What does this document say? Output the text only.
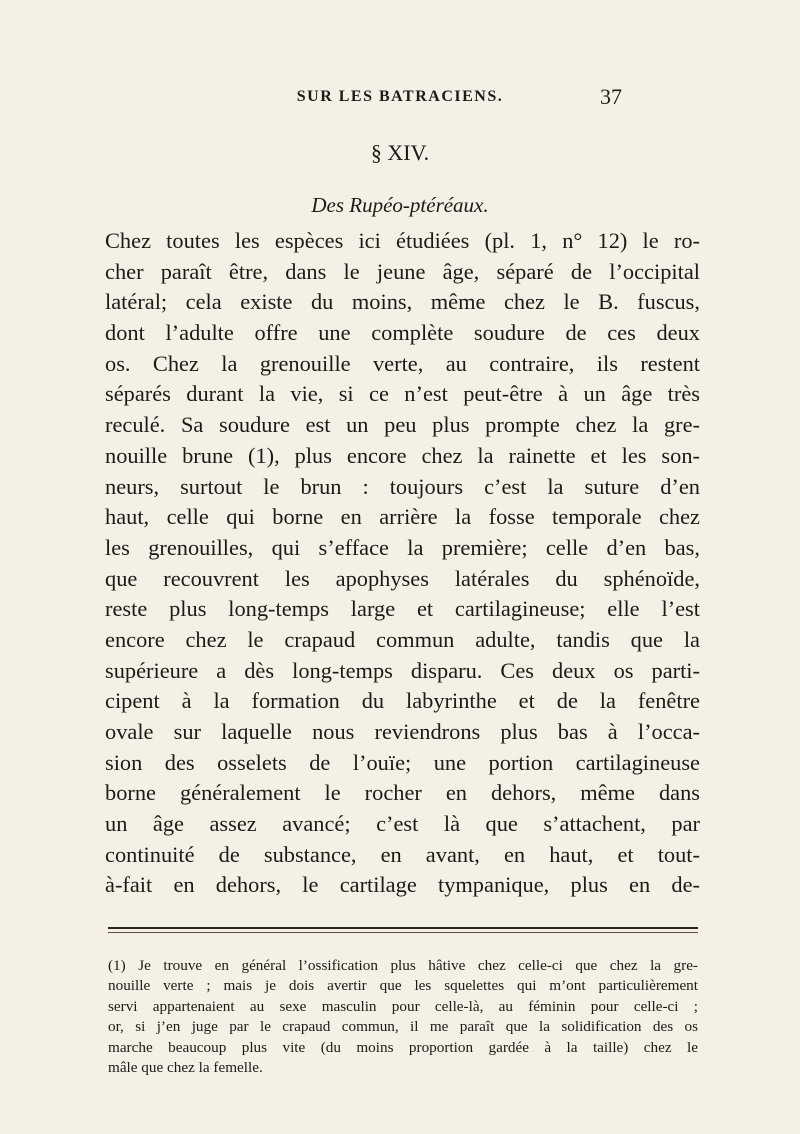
SUR LES BATRACIENS.	37
§ XIV.
Des Rupéo-ptéréaux.
Chez toutes les espèces ici étudiées (pl. 1, n° 12) le ro-
cher paraît être, dans le jeune âge, séparé de l’occipital
latéral; cela existe du moins, même chez le B. fuscus,
dont l’adulte offre une complète soudure de ces deux
os. Chez la grenouille verte, au contraire, ils restent
séparés durant la vie, si ce n’est peut-être à un âge très
reculé. Sa soudure est un peu plus prompte chez la gre-
nouille brune (1), plus encore chez la rainette et les son-
neurs, surtout le brun : toujours c’est la suture d’en
haut, celle qui borne en arrière la fosse temporale chez
les grenouilles, qui s’efface la première; celle d’en bas,
que recouvrent les apophyses latérales du sphénoïde,
reste plus long-temps large et cartilagineuse; elle l’est
encore chez le crapaud commun adulte, tandis que la
supérieure a dès long-temps disparu. Ces deux os parti-
cipent à la formation du labyrinthe et de la fenêtre
ovale sur laquelle nous reviendrons plus bas à l’occa-
sion des osselets de l’ouïe; une portion cartilagineuse
borne généralement le rocher en dehors, même dans
un âge assez avancé; c’est là que s’attachent, par
continuité de substance, en avant, en haut, et tout-
à-fait en dehors, le cartilage tympanique, plus en de-
(1) Je trouve en général l’ossification plus hâtive chez celle-ci que chez la gre-
nouille verte ; mais je dois avertir que les squelettes qui m’ont particulièrement
servi appartenaient au sexe masculin pour celle-là, au féminin pour celle-ci ;
or, si j’en juge par le crapaud commun, il me paraît que la solidification des os
marche beaucoup plus vite (du moins proportion gardée à la taille) chez le
mâle que chez la femelle.
